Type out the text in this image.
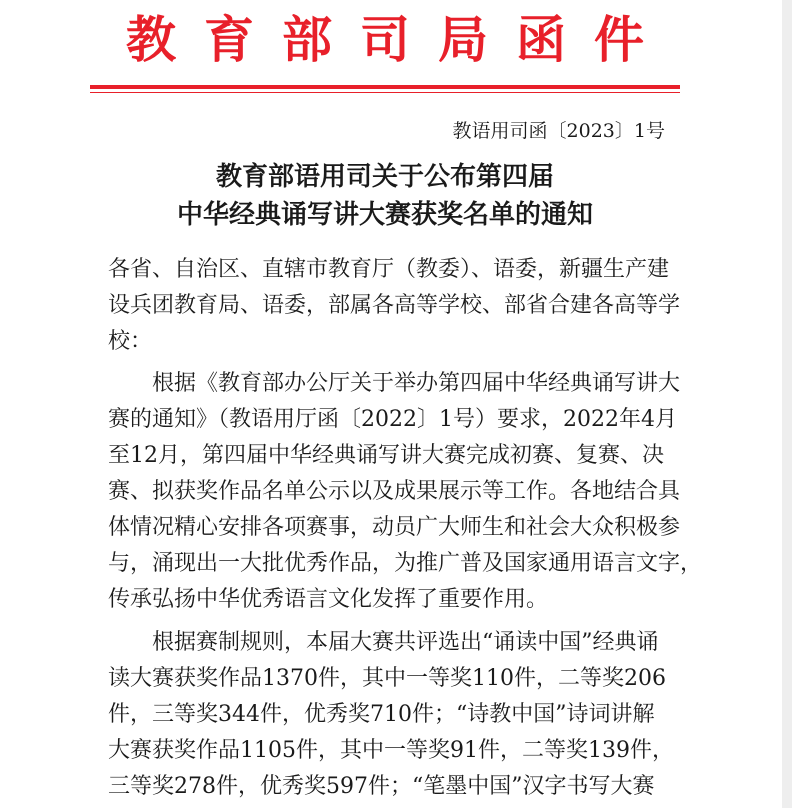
教育部司局函件
教语用司函〔2023〕1号
教育部语用司关于公布第四届
中华经典诵写讲大赛获奖名单的通知
各省、自治区、直辖市教育厅（教委）、语委，新疆生产建
设兵团教育局、语委，部属各高等学校、部省合建各高等学
校：
　　根据《教育部办公厅关于举办第四届中华经典诵写讲大
赛的通知》（教语用厅函〔2022〕1号）要求，2022年4月
至12月，第四届中华经典诵写讲大赛完成初赛、复赛、决
赛、拟获奖作品名单公示以及成果展示等工作。各地结合具
体情况精心安排各项赛事，动员广大师生和社会大众积极参
与，涌现出一大批优秀作品，为推广普及国家通用语言文字，
传承弘扬中华优秀语言文化发挥了重要作用。
　　根据赛制规则，本届大赛共评选出“诵读中国”经典诵
读大赛获奖作品1370件，其中一等奖110件，二等奖206
件，三等奖344件，优秀奖710件；“诗教中国”诗词讲解
大赛获奖作品1105件，其中一等奖91件，二等奖139件，
三等奖278件，优秀奖597件；“笔墨中国”汉字书写大赛
